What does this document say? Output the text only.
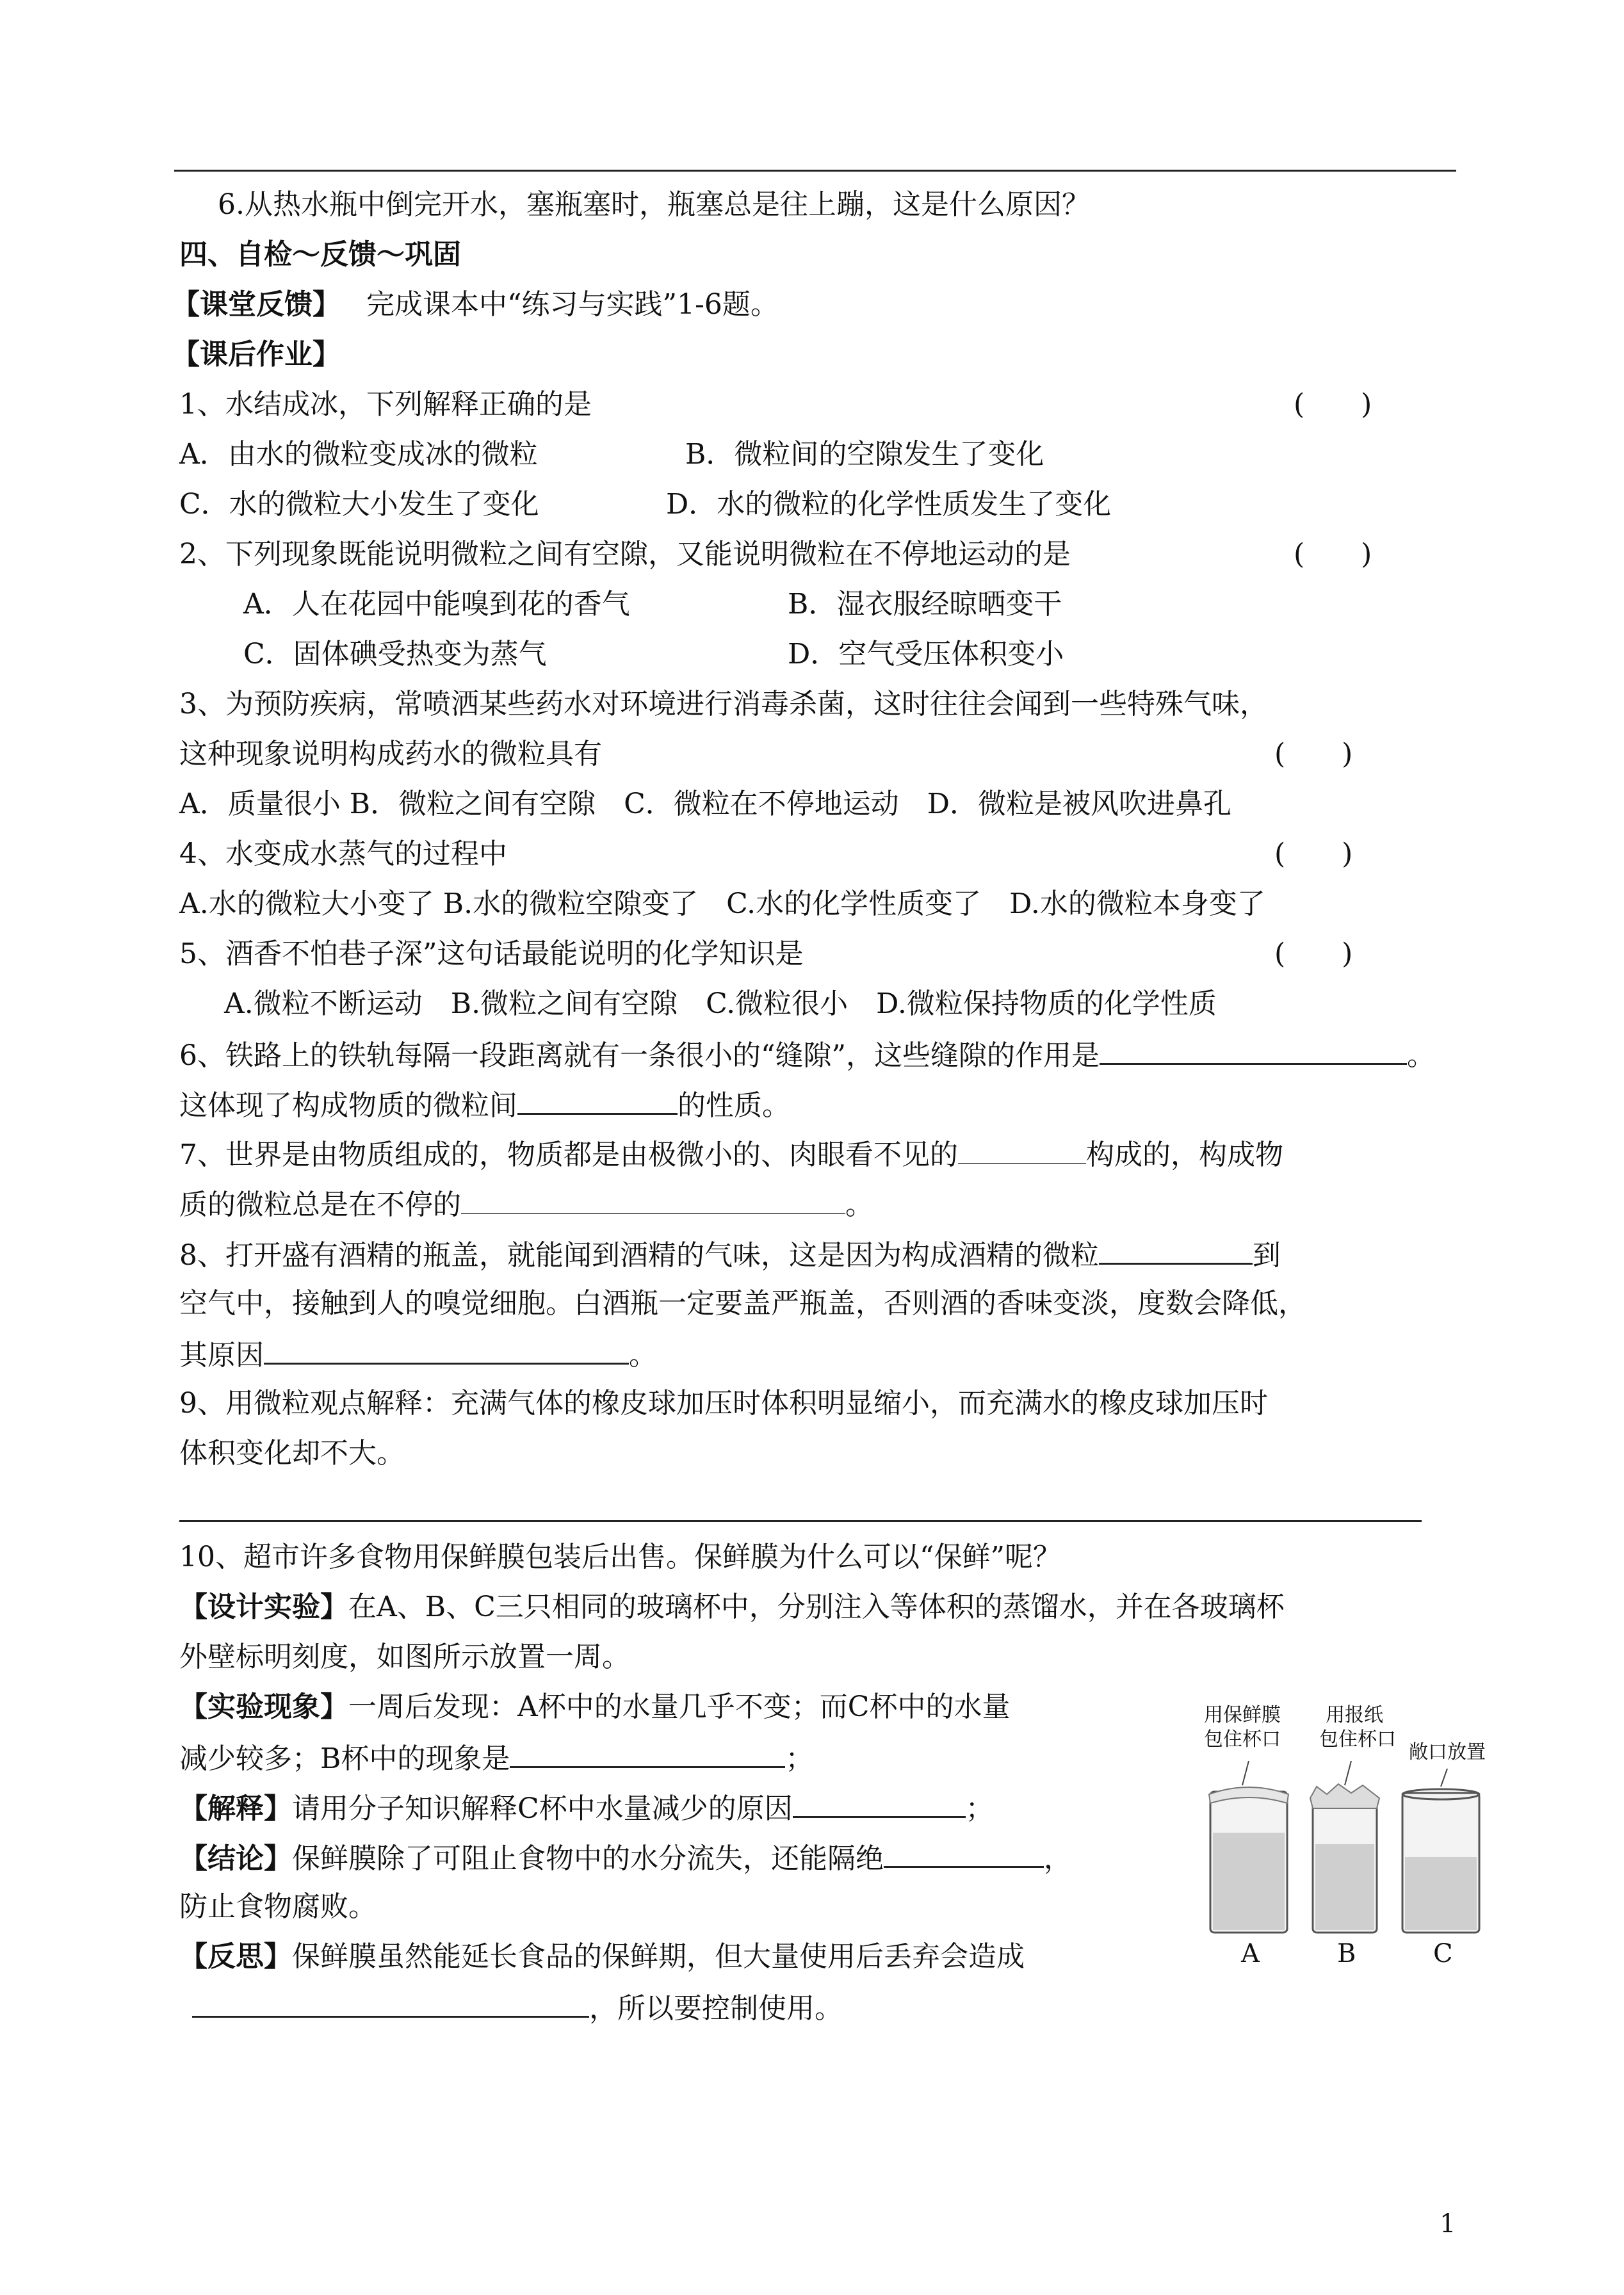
6.从热水瓶中倒完开水，塞瓶塞时，瓶塞总是往上蹦，这是什么原因？
四、自检～反馈～巩固
【课堂反馈】 完成课本中“练习与实践”1-6题。
【课后作业】
1、水结成冰，下列解释正确的是	(　　)
A．由水的微粒变成冰的微粒	B．微粒间的空隙发生了变化
C．水的微粒大小发生了变化	D．水的微粒的化学性质发生了变化
2、下列现象既能说明微粒之间有空隙，又能说明微粒在不停地运动的是	(　　)
A．人在花园中能嗅到花的香气	B．湿衣服经晾晒变干
C．固体碘受热变为蒸气	D．空气受压体积变小
3、为预防疾病，常喷洒某些药水对环境进行消毒杀菌，这时往往会闻到一些特殊气味，
这种现象说明构成药水的微粒具有	(　　)
A．质量很小 B．微粒之间有空隙　C．微粒在不停地运动　D．微粒是被风吹进鼻孔
4、水变成水蒸气的过程中	(　　)
A.水的微粒大小变了 B.水的微粒空隙变了　C.水的化学性质变了　D.水的微粒本身变了
5、酒香不怕巷子深”这句话最能说明的化学知识是	(　　)
A.微粒不断运动　B.微粒之间有空隙　C.微粒很小　D.微粒保持物质的化学性质
6、铁路上的铁轨每隔一段距离就有一条很小的“缝隙”，这些缝隙的作用是	。
这体现了构成物质的微粒间	的性质。
7、世界是由物质组成的，物质都是由极微小的、肉眼看不见的	构成的，构成物
质的微粒总是在不停的	。
8、打开盛有酒精的瓶盖，就能闻到酒精的气味，这是因为构成酒精的微粒	到
空气中，接触到人的嗅觉细胞。白酒瓶一定要盖严瓶盖，否则酒的香味变淡，度数会降低，
其原因	。
9、用微粒观点解释：充满气体的橡皮球加压时体积明显缩小，而充满水的橡皮球加压时
体积变化却不大。
10、超市许多食物用保鲜膜包装后出售。保鲜膜为什么可以“保鲜”呢？
【设计实验】在A、B、C三只相同的玻璃杯中，分别注入等体积的蒸馏水，并在各玻璃杯
外壁标明刻度，如图所示放置一周。
【实验现象】一周后发现：A杯中的水量几乎不变；而C杯中的水量
减少较多；B杯中的现象是	；
【解释】请用分子知识解释C杯中水量减少的原因	；
【结论】保鲜膜除了可阻止食物中的水分流失，还能隔绝	，
防止食物腐败。
【反思】保鲜膜虽然能延长食品的保鲜期，但大量使用后丢弃会造成
，所以要控制使用。
用保鲜膜
包住杯口
用报纸
包住杯口
敞口放置
A	B	C
1
